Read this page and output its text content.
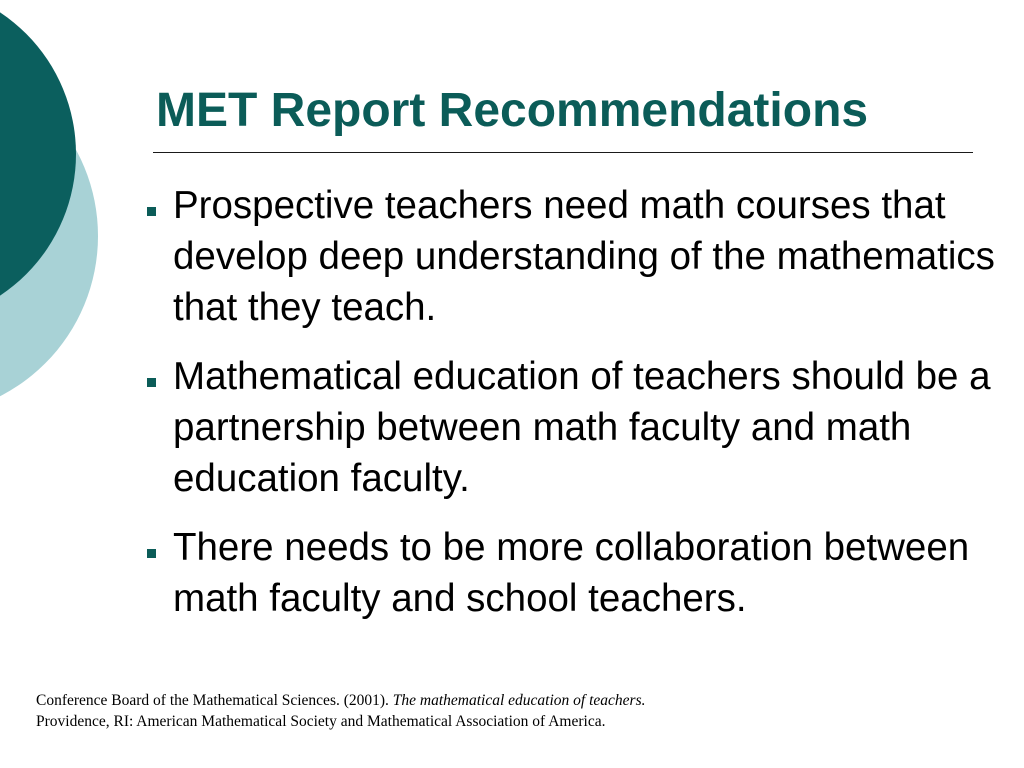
MET Report Recommendations
Prospective teachers need math courses that develop deep understanding of the mathematics that they teach.
Mathematical education of teachers should be a partnership between math faculty and math education faculty.
There needs to be more collaboration between math faculty and school teachers.

Conference Board of the Mathematical Sciences. (2001). The mathematical education of teachers.
Providence, RI: American Mathematical Society and Mathematical Association of America.
